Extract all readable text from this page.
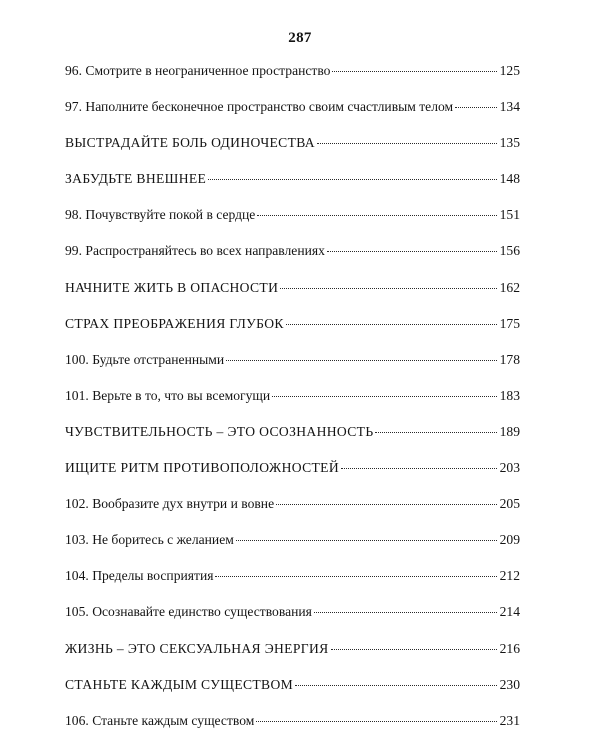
287
96. Смотрите в неограниченное пространство	125
97. Наполните бесконечное пространство своим счастливым телом	134
ВЫСТРАДАЙТЕ БОЛЬ ОДИНОЧЕСТВА	135
ЗАБУДЬТЕ ВНЕШНЕЕ	148
98. Почувствуйте покой в сердце	151
99. Распространяйтесь во всех направлениях	156
НАЧНИТЕ ЖИТЬ В ОПАСНОСТИ	162
СТРАХ ПРЕОБРАЖЕНИЯ ГЛУБОК	175
100. Будьте отстраненными	178
101. Верьте в то, что вы всемогущи	183
ЧУВСТВИТЕЛЬНОСТЬ – ЭТО ОСОЗНАННОСТЬ	189
ИЩИТЕ РИТМ ПРОТИВОПОЛОЖНОСТЕЙ	203
102. Вообразите дух внутри и вовне	205
103. Не боритесь с желанием	209
104. Пределы восприятия	212
105. Осознавайте единство существования	214
ЖИЗНЬ – ЭТО СЕКСУАЛЬНАЯ ЭНЕРГИЯ	216
СТАНЬТЕ КАЖДЫМ СУЩЕСТВОМ	230
106. Станьте каждым существом	231
